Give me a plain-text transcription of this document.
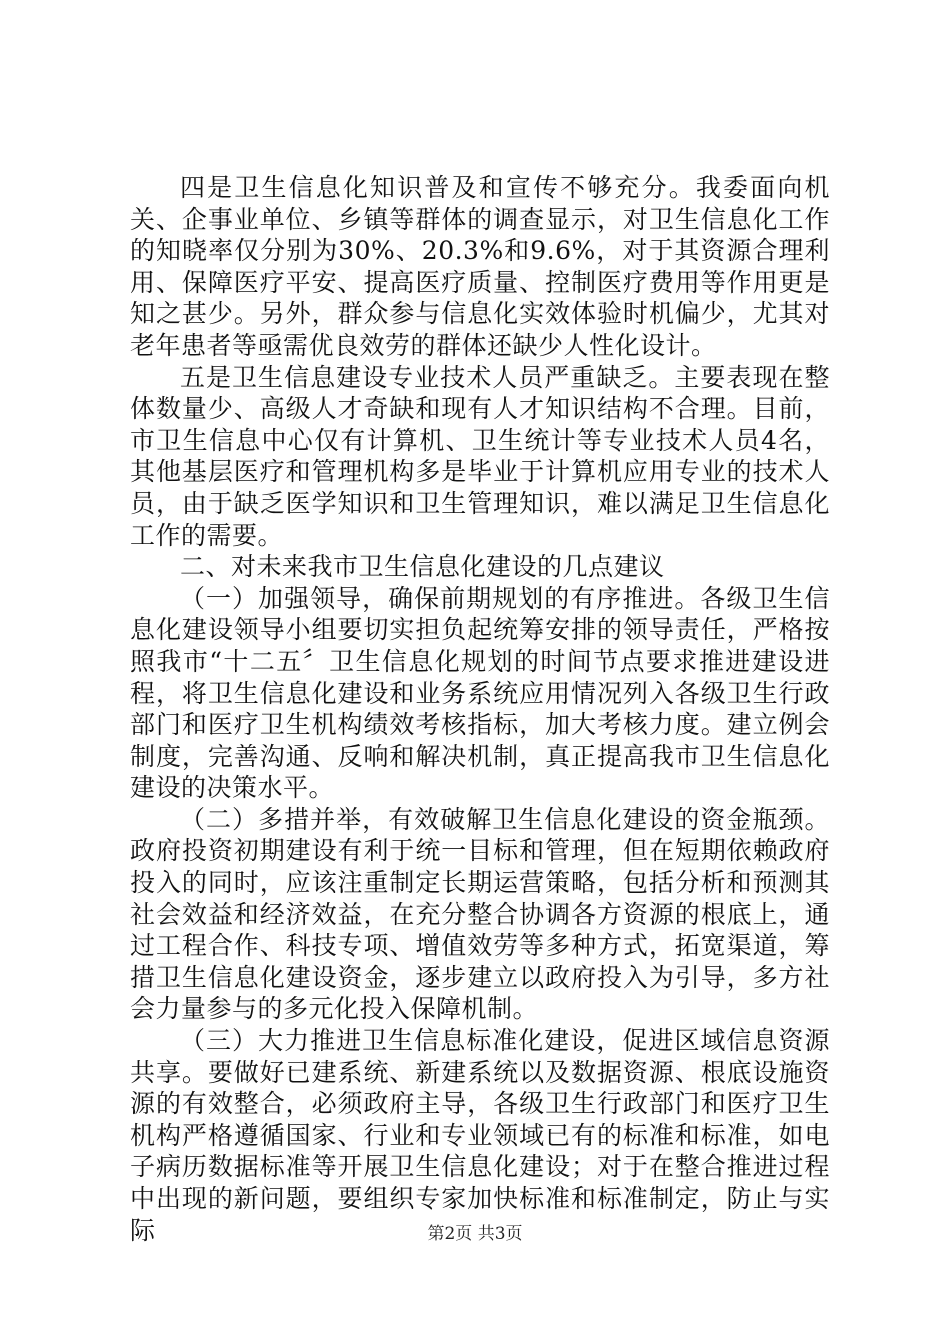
四是卫生信息化知识普及和宣传不够充分。我委面向机关、企事业单位、乡镇等群体的调查显示，对卫生信息化工作的知晓率仅分别为30%、20.3%和9.6%，对于其资源合理利用、保障医疗平安、提高医疗质量、控制医疗费用等作用更是知之甚少。另外，群众参与信息化实效体验时机偏少，尤其对老年患者等亟需优良效劳的群体还缺少人性化设计。

五是卫生信息建设专业技术人员严重缺乏。主要表现在整体数量少、高级人才奇缺和现有人才知识结构不合理。目前，市卫生信息中心仅有计算机、卫生统计等专业技术人员4名，其他基层医疗和管理机构多是毕业于计算机应用专业的技术人员，由于缺乏医学知识和卫生管理知识，难以满足卫生信息化工作的需要。

二、对未来我市卫生信息化建设的几点建议

（一）加强领导，确保前期规划的有序推进。各级卫生信息化建设领导小组要切实担负起统筹安排的领导责任，严格按照我市“十二五〞卫生信息化规划的时间节点要求推进建设进程，将卫生信息化建设和业务系统应用情况列入各级卫生行政部门和医疗卫生机构绩效考核指标，加大考核力度。建立例会制度，完善沟通、反响和解决机制，真正提高我市卫生信息化建设的决策水平。

（二）多措并举，有效破解卫生信息化建设的资金瓶颈。政府投资初期建设有利于统一目标和管理，但在短期依赖政府投入的同时，应该注重制定长期运营策略，包括分析和预测其社会效益和经济效益，在充分整合协调各方资源的根底上，通过工程合作、科技专项、增值效劳等多种方式，拓宽渠道，筹措卫生信息化建设资金，逐步建立以政府投入为引导，多方社会力量参与的多元化投入保障机制。

（三）大力推进卫生信息标准化建设，促进区域信息资源共享。要做好已建系统、新建系统以及数据资源、根底设施资源的有效整合，必须政府主导，各级卫生行政部门和医疗卫生机构严格遵循国家、行业和专业领域已有的标准和标准，如电子病历数据标准等开展卫生信息化建设；对于在整合推进过程中出现的新问题，要组织专家加快标准和标准制定，防止与实际	第2页 共3页
